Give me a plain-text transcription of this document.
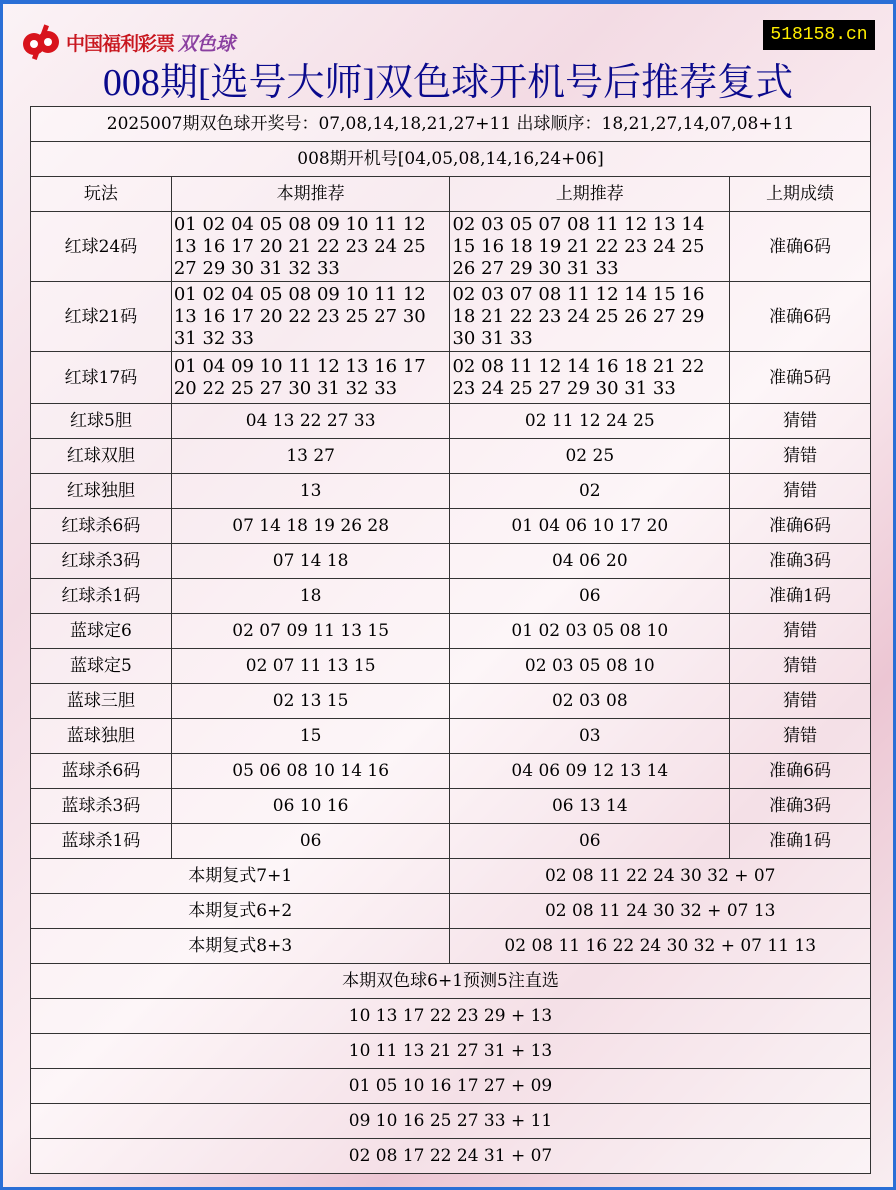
中国福利彩票 双色球	518158.cn
008期[选号大师]双色球开机号后推荐复式
2025007期双色球开奖号：07,08,14,18,21,27+11 出球顺序：18,21,27,14,07,08+11			
008期开机号[04,05,08,14,16,24+06]			
玩法	本期推荐	上期推荐	上期成绩
红球24码	01 02 04 05 08 09 10 11 12
13 16 17 20 21 22 23 24 25
27 29 30 31 32 33	02 03 05 07 08 11 12 13 14
15 16 18 19 21 22 23 24 25
26 27 29 30 31 33	准确6码
红球21码	01 02 04 05 08 09 10 11 12
13 16 17 20 22 23 25 27 30
31 32 33	02 03 07 08 11 12 14 15 16
18 21 22 23 24 25 26 27 29
30 31 33	准确6码
红球17码	01 04 09 10 11 12 13 16 17
20 22 25 27 30 31 32 33	02 08 11 12 14 16 18 21 22
23 24 25 27 29 30 31 33	准确5码
红球5胆	04 13 22 27 33	02 11 12 24 25	猜错
红球双胆	13 27	02 25	猜错
红球独胆	13	02	猜错
红球杀6码	07 14 18 19 26 28	01 04 06 10 17 20	准确6码
红球杀3码	07 14 18	04 06 20	准确3码
红球杀1码	18	06	准确1码
蓝球定6	02 07 09 11 13 15	01 02 03 05 08 10	猜错
蓝球定5	02 07 11 13 15	02 03 05 08 10	猜错
蓝球三胆	02 13 15	02 03 08	猜错
蓝球独胆	15	03	猜错
蓝球杀6码	05 06 08 10 14 16	04 06 09 12 13 14	准确6码
蓝球杀3码	06 10 16	06 13 14	准确3码
蓝球杀1码	06	06	准确1码
本期复式7+1		02 08 11 22 24 30 32 + 07	
本期复式6+2		02 08 11 24 30 32 + 07 13	
本期复式8+3		02 08 11 16 22 24 30 32 + 07 11 13	
本期双色球6+1预测5注直选			
10 13 17 22 23 29 + 13			
10 11 13 21 27 31 + 13			
01 05 10 16 17 27 + 09			
09 10 16 25 27 33 + 11			
02 08 17 22 24 31 + 07			
